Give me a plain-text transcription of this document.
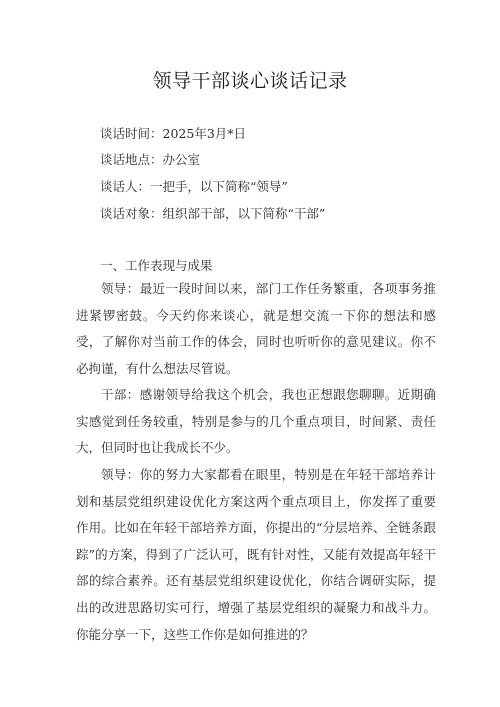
领导干部谈心谈话记录
谈话时间：2025年3月*日
谈话地点：办公室
谈话人：一把手，以下简称“领导”
谈话对象：组织部干部，以下简称“干部”
一、工作表现与成果

领导：最近一段时间以来，部门工作任务繁重，各项事务推进紧锣密鼓。今天约你来谈心，就是想交流一下你的想法和感受，了解你对当前工作的体会，同时也听听你的意见建议。你不必拘谨，有什么想法尽管说。

干部：感谢领导给我这个机会，我也正想跟您聊聊。近期确实感觉到任务较重，特别是参与的几个重点项目，时间紧、责任大，但同时也让我成长不少。

领导：你的努力大家都看在眼里，特别是在年轻干部培养计划和基层党组织建设优化方案这两个重点项目上，你发挥了重要作用。比如在年轻干部培养方面，你提出的“分层培养、全链条跟踪”的方案，得到了广泛认可，既有针对性，又能有效提高年轻干部的综合素养。还有基层党组织建设优化，你结合调研实际，提出的改进思路切实可行，增强了基层党组织的凝聚力和战斗力。你能分享一下，这些工作你是如何推进的？
